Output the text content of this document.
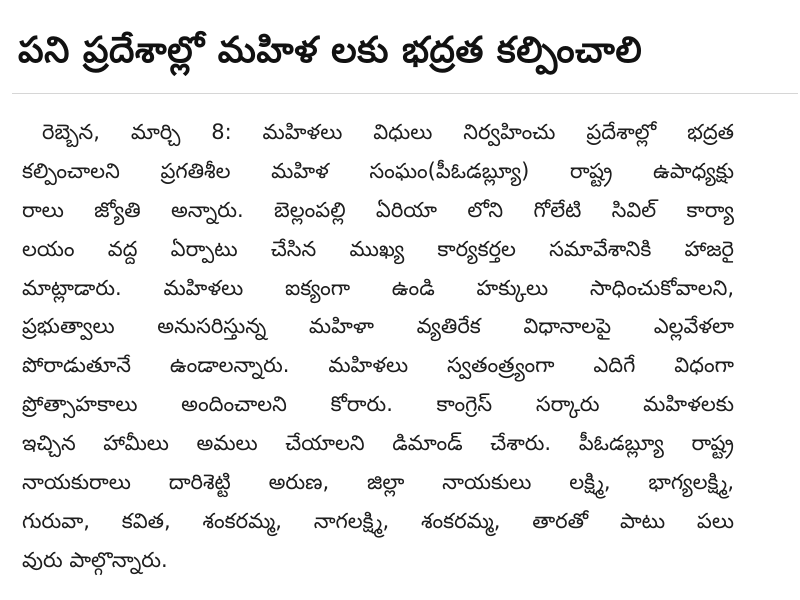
పని ప్రదేశాల్లో మహిళ లకు భద్రత కల్పించాలి
రెబ్బెన, మార్చి 8: మహిళలు విధులు నిర్వహించు ప్రదేశాల్లో భద్రత
కల్పించాలని ప్రగతిశీల మహిళ సంఘం(పీఓడబ్ల్యూ) రాష్ట్ర ఉపాధ్యక్షు
రాలు జ్యోతి అన్నారు. బెల్లంపల్లి ఏరియా లోని గోలేటి సివిల్ కార్యా
లయం వద్ద ఏర్పాటు చేసిన ముఖ్య కార్యకర్తల సమావేశానికి హాజరై
మాట్లాడారు. మహిళలు ఐక్యంగా ఉండి హక్కులు సాధించుకోవాలని,
ప్రభుత్వాలు అనుసరిస్తున్న మహిళా వ్యతిరేక విధానాలపై ఎల్లవేళలా
పోరాడుతూనే ఉండాలన్నారు. మహిళలు స్వతంత్ర్యంగా ఎదిగే విధంగా
ప్రోత్సాహకాలు అందించాలని కోరారు. కాంగ్రెస్ సర్కారు మహిళలకు
ఇచ్చిన హామీలు అమలు చేయాలని డిమాండ్ చేశారు. పీఓడబ్ల్యూ రాష్ట్ర
నాయకురాలు దారిశెట్టి అరుణ, జిల్లా నాయకులు లక్ష్మి, భాగ్యలక్ష్మి,
గురువా, కవిత, శంకరమ్మ, నాగలక్ష్మి, శంకరమ్మ, తారతో పాటు పలు
వురు పాల్గొన్నారు.
